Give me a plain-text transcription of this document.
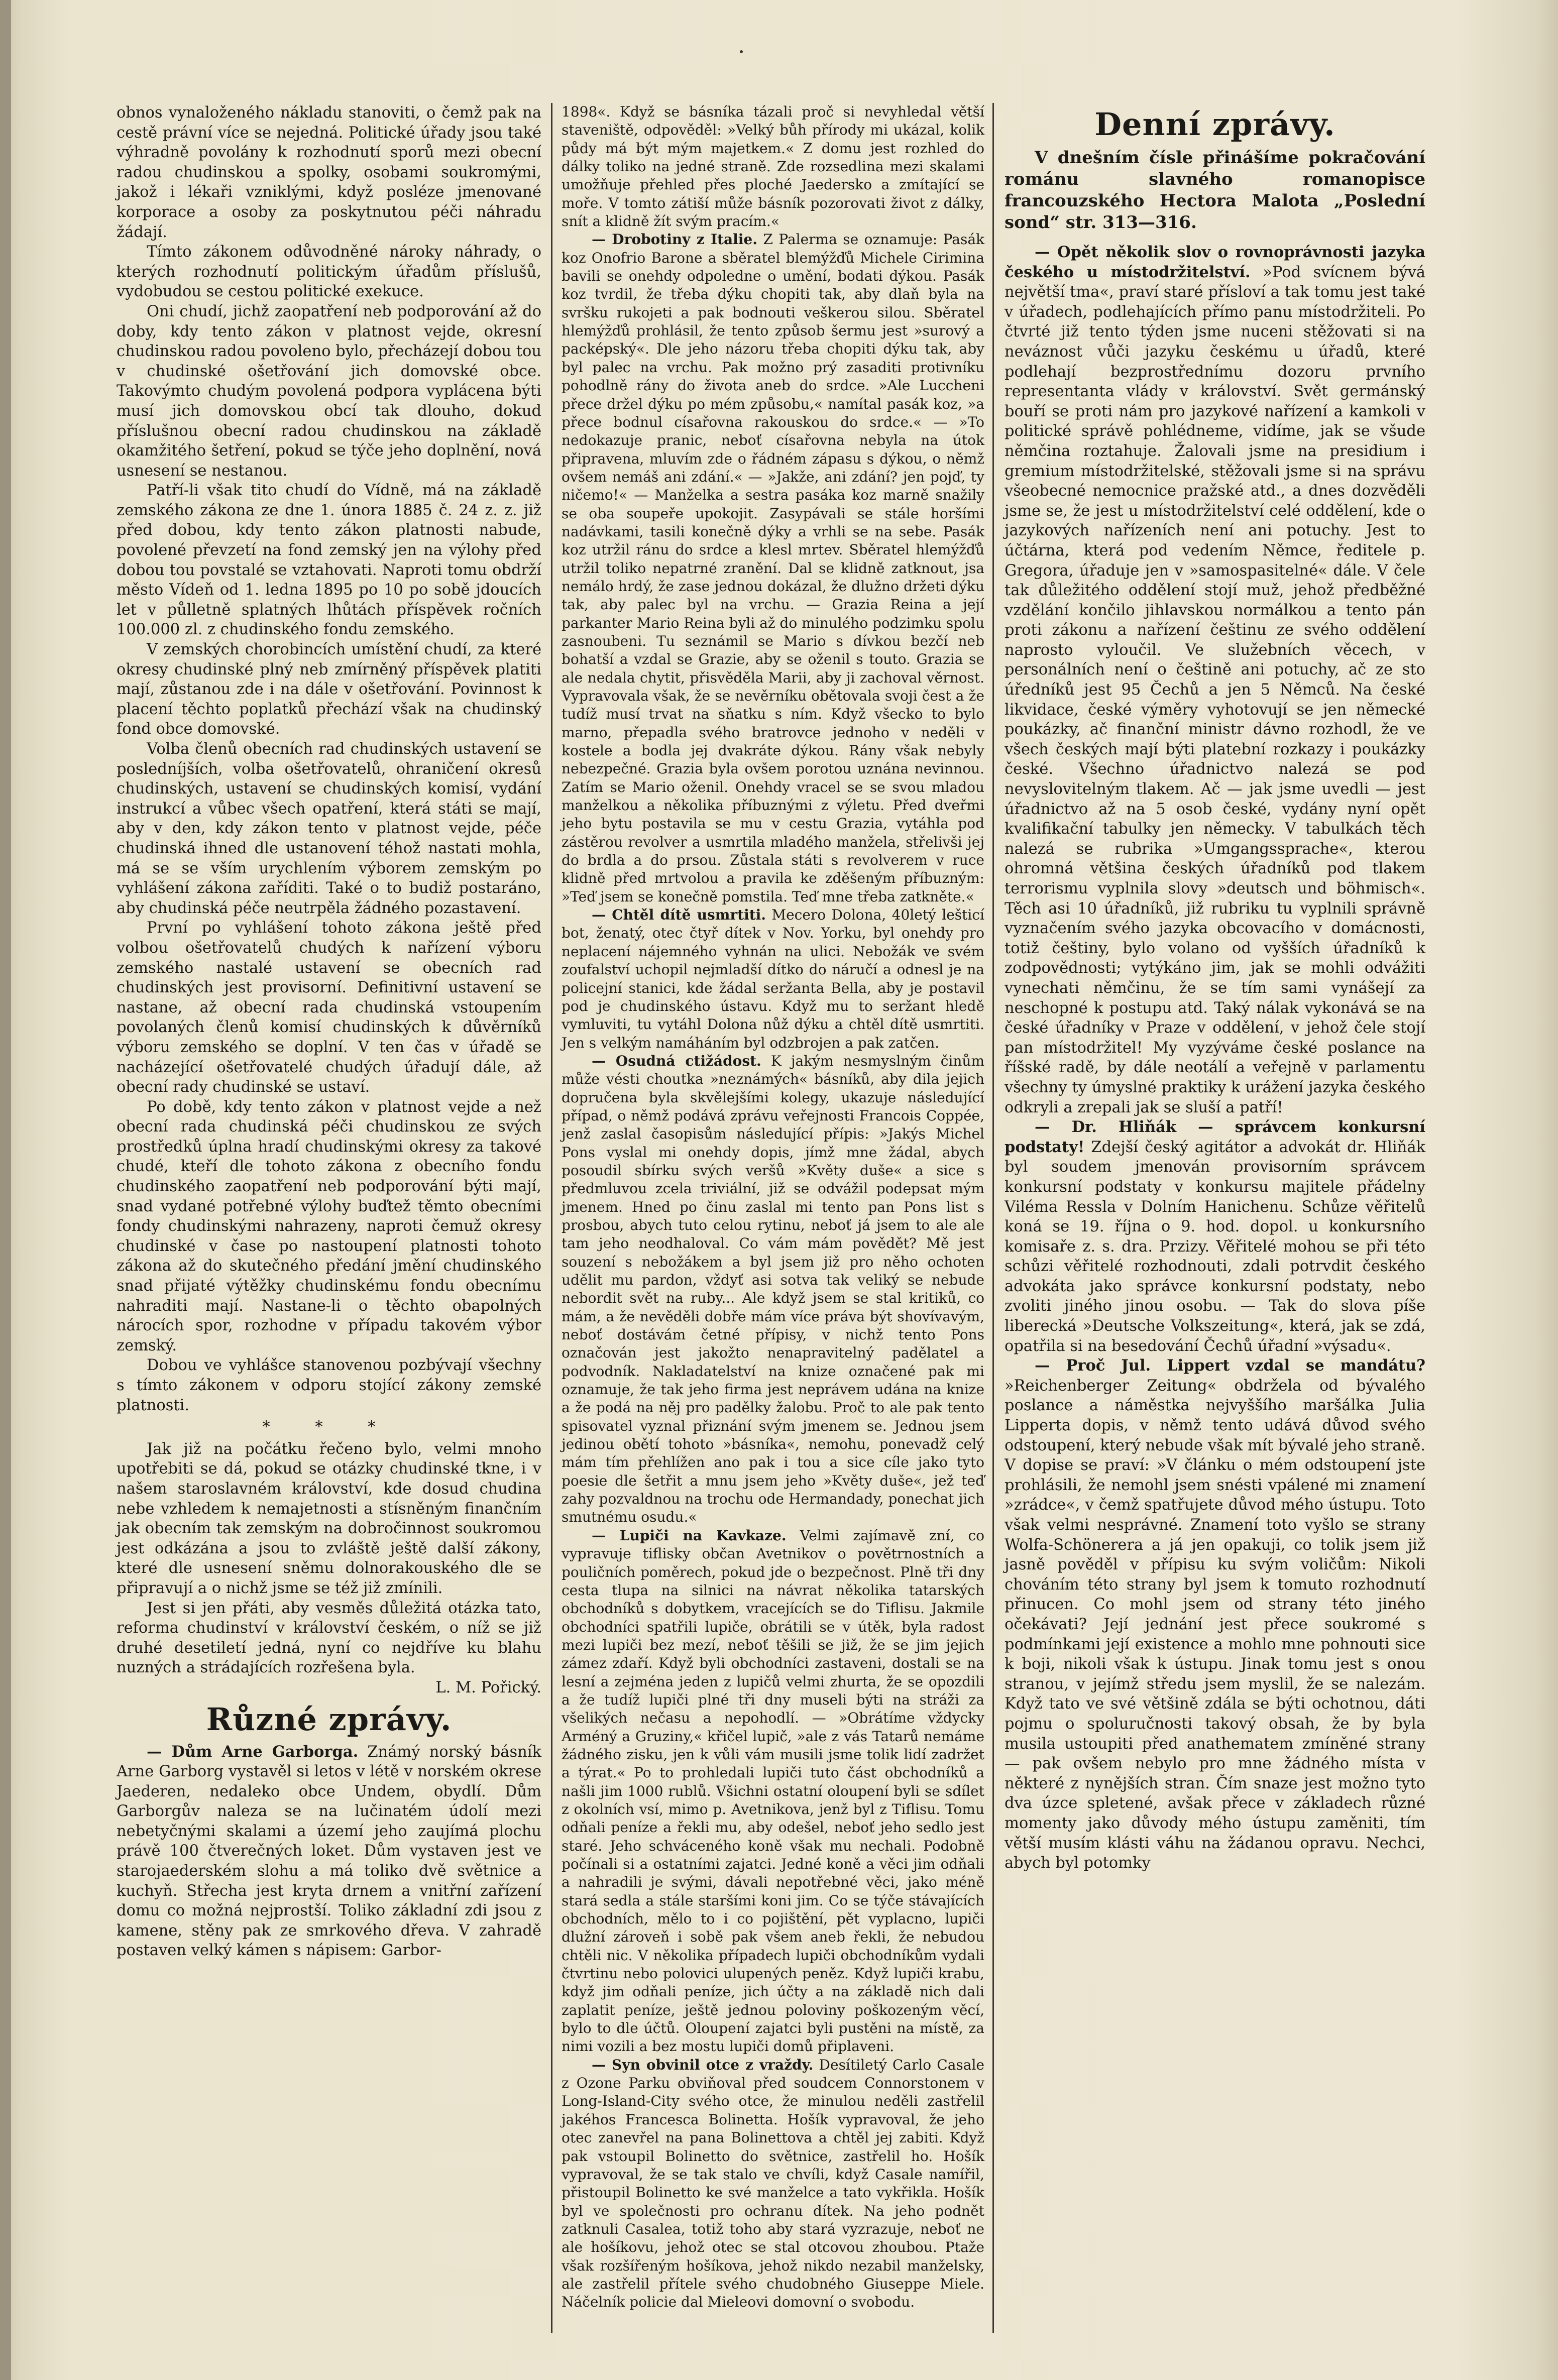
obnos vynaloženého nákladu stanoviti, o čemž pak na cestě právní více se nejedná. Politické úřady jsou také výhradně povolány k rozhodnutí sporů mezi obecní radou chudinskou a spolky, osobami soukromými, jakož i lékaři vzniklými, když posléze jmenované korporace a osoby za poskytnutou péči náhradu žádají.

Tímto zákonem odůvodněné nároky náhrady, o kterých rozhodnutí politickým úřadům příslušů, vydobudou se cestou politické exekuce.

Oni chudí, jichž zaopatření neb podporování až do doby, kdy tento zákon v platnost vejde, okresní chudinskou radou povoleno bylo, přecházejí dobou tou v chudinské ošetřování jich domovské obce. Takovýmto chudým povolená podpora vyplácena býti musí jich domovskou obcí tak dlouho, dokud příslušnou obecní radou chudinskou na základě okamžitého šetření, pokud se týče jeho doplnění, nová usnesení se nestanou.

Patří-li však tito chudí do Vídně, má na základě zemského zákona ze dne 1. února 1885 č. 24 z. z. již před dobou, kdy tento zákon platnosti nabude, povolené převzetí na fond zemský jen na výlohy před dobou tou povstalé se vztahovati. Naproti tomu obdrží město Vídeň od 1. ledna 1895 po 10 po sobě jdoucích let v půlletně splatných lhůtách příspěvek ročních 100.000 zl. z chudinského fondu zemského.

V zemských chorobincích umístění chudí, za které okresy chudinské plný neb zmírněný příspěvek platiti mají, zůstanou zde i na dále v ošetřování. Povinnost k placení těchto poplatků přechází však na chudinský fond obce domovské.

Volba členů obecních rad chudinských ustavení se posledníjších, volba ošetřovatelů, ohraničení okresů chudinských, ustavení se chudinských komisí, vydání instrukcí a vůbec všech opatření, která státi se mají, aby v den, kdy zákon tento v platnost vejde, péče chudinská ihned dle ustanovení téhož nastati mohla, má se se vším urychlením výborem zemským po vyhlášení zákona zaříditi. Také o to budiž postaráno, aby chudinská péče neutrpěla žádného pozastavení.

První po vyhlášení tohoto zákona ještě před volbou ošetřovatelů chudých k nařízení výboru zemského nastalé ustavení se obecních rad chudinských jest provisorní. Definitivní ustavení se nastane, až obecní rada chudinská vstoupením povolaných členů komisí chudinských k důvěrníků výboru zemského se doplní. V ten čas v úřadě se nacházející ošetřovatelé chudých úřadují dále, až obecní rady chudinské se ustaví.

Po době, kdy tento zákon v platnost vejde a než obecní rada chudinská péči chudinskou ze svých prostředků úplna hradí chudinskými okresy za takové chudé, kteří dle tohoto zákona z obecního fondu chudinského zaopatření neb podporování býti mají, snad vydané potřebné výlohy buďtež těmto obecními fondy chudinskými nahrazeny, naproti čemuž okresy chudinské v čase po nastoupení platnosti tohoto zákona až do skutečného předání jmění chudinského snad přijaté výtěžky chudinskému fondu obecnímu nahraditi mají. Nastane-li o těchto obapolných nárocích spor, rozhodne v případu takovém výbor zemský.

Dobou ve vyhlášce stanovenou pozbývají všechny s tímto zákonem v odporu stojící zákony zemské platnosti.

* * *

Jak již na počátku řečeno bylo, velmi mnoho upotřebiti se dá, pokud se otázky chudinské tkne, i v našem staroslavném království, kde dosud chudina nebe vzhledem k nemajetnosti a stísněným finančním jak obecním tak zemským na dobročinnost soukromou jest odkázána a jsou to zvláště ještě další zákony, které dle usnesení sněmu dolnorakouského dle se připravují a o nichž jsme se též již zmínili.

Jest si jen přáti, aby vesměs důležitá otázka tato, reforma chudinství v království českém, o níž se již druhé desetiletí jedná, nyní co nejdříve ku blahu nuzných a strádajících rozřešena byla.

L. M. Pořický.
Různé zprávy.

— Dům Arne Garborga. Známý norský básník Arne Garborg vystavěl si letos v létě v norském okrese Jaederen, nedaleko obce Undem, obydlí. Dům Garborgův naleza se na lučinatém údolí mezi nebetyčnými skalami a území jeho zaujímá plochu právě 100 čtverečných loket. Dům vystaven jest ve starojaederském slohu a má toliko dvě světnice a kuchyň. Střecha jest kryta drnem a vnitřní zařízení domu co možná nejprostší. Toliko základní zdi jsou z kamene, stěny pak ze smrkového dřeva. V zahradě postaven velký kámen s nápisem: Garbor-

1898«. Když se básníka tázali proč si nevyhledal větší staveniště, odpověděl: »Velký bůh přírody mi ukázal, kolik půdy má být mým majetkem.« Z domu jest rozhled do dálky toliko na jedné straně. Zde rozsedlina mezi skalami umožňuje přehled přes ploché Jaedersko a zmítající se moře. V tomto zátiší může básník pozorovati život z dálky, snít a klidně žít svým pracím.«

— Drobotiny z Italie. Z Palerma se oznamuje: Pasák koz Onofrio Barone a sběratel blemýžďů Michele Cirimina bavili se onehdy odpoledne o umění, bodati dýkou. Pasák koz tvrdil, že třeba dýku chopiti tak, aby dlaň byla na svršku rukojeti a pak bodnouti veškerou silou. Sběratel hlemýžďů prohlásil, že tento způsob šermu jest »surový a packépský«. Dle jeho názoru třeba chopiti dýku tak, aby byl palec na vrchu. Pak možno prý zasaditi protivníku pohodlně rány do života aneb do srdce. »Ale Luccheni přece držel dýku po mém způsobu,« namítal pasák koz, »a přece bodnul císařovna rakouskou do srdce.« — »To nedokazuje pranic, neboť císařovna nebyla na útok připravena, mluvím zde o řádném zápasu s dýkou, o němž ovšem nemáš ani zdání.« — »Jakže, ani zdání? jen pojď, ty ničemo!« — Manželka a sestra pasáka koz marně snažily se oba soupeře upokojit. Zasypávali se stále horšími nadávkami, tasili konečně dýky a vrhli se na sebe. Pasák koz utržil ránu do srdce a klesl mrtev. Sběratel hlemýžďů utržil toliko nepatrné zranění. Dal se klidně zatknout, jsa nemálo hrdý, že zase jednou dokázal, že dlužno držeti dýku tak, aby palec byl na vrchu. — Grazia Reina a její parkanter Mario Reina byli až do minulého podzimku spolu zasnoubeni. Tu seznámil se Mario s dívkou bezčí neb bohatší a vzdal se Grazie, aby se oženil s touto. Grazia se ale nedala chytit, přisvěděla Marii, aby ji zachoval věrnost. Vypravovala však, že se nevěrníku obětovala svoji čest a že tudíž musí trvat na sňatku s ním. Když všecko to bylo marno, přepadla svého bratrovce jednoho v neděli v kostele a bodla jej dvakráte dýkou. Rány však nebyly nebezpečné. Grazia byla ovšem porotou uznána nevinnou. Zatím se Mario oženil. Onehdy vracel se se svou mladou manželkou a několika příbuznými z výletu. Před dveřmi jeho bytu postavila se mu v cestu Grazia, vytáhla pod zástěrou revolver a usmrtila mladého manžela, střelivši jej do brdla a do prsou. Zůstala státi s revolverem v ruce klidně před mrtvolou a pravila ke zděšeným příbuzným: »Teď jsem se konečně pomstila. Teď mne třeba zatkněte.«

— Chtěl dítě usmrtiti. Mecero Dolona, 40letý lešticí bot, ženatý, otec čtyř dítek v Nov. Yorku, byl onehdy pro neplacení nájemného vyhnán na ulici. Nebožák ve svém zoufalství uchopil nejmladší dítko do náručí a odnesl je na policejní stanici, kde žádal seržanta Bella, aby je postavil pod je chudinského ústavu. Když mu to seržant hledě vymluviti, tu vytáhl Dolona nůž dýku a chtěl dítě usmrtiti. Jen s velkým namáháním byl odzbrojen a pak zatčen.

— Osudná ctižádost. K jakým nesmyslným činům může vésti choutka »neznámých« básníků, aby dila jejich dopručena byla skvělejšími kolegy, ukazuje následující případ, o němž podává zprávu veřejnosti Francois Coppée, jenž zaslal časopisům následující přípis: »Jakýs Michel Pons vyslal mi onehdy dopis, jímž mne žádal, abych posoudil sbírku svých veršů »Květy duše« a sice s předmluvou zcela triviální, již se odvážil podepsat mým jmenem. Hned po činu zaslal mi tento pan Pons list s prosbou, abych tuto celou rytinu, neboť já jsem to ale ale tam jeho neodhaloval. Co vám mám povědět? Mě jest souzení s nebožákem a byl jsem již pro něho ochoten udělit mu pardon, vždyť asi sotva tak veliký se nebude nebordit svět na ruby... Ale když jsem se stal kritiků, co mám, a že nevěděli dobře mám více práva být shovívavým, neboť dostávám četné přípisy, v nichž tento Pons označován jest jakožto nenapravitelný padělatel a podvodník. Nakladatelství na knize označené pak mi oznamuje, že tak jeho firma jest neprávem udána na knize a že podá na něj pro padělky žalobu. Proč to ale pak tento spisovatel vyznal přiznání svým jmenem se. Jednou jsem jedinou obětí tohoto »básníka«, nemohu, ponevadž celý mám tím přehlížen ano pak i tou a sice cíle jako tyto poesie dle šetřit a mnu jsem jeho »Květy duše«, jež teď zahy pozvaldnou na trochu ode Hermandady, ponechat jich smutnému osudu.«

— Lupiči na Kavkaze. Velmi zajímavě zní, co vypravuje tiflisky občan Avetnikov o povětrnostních a pouličních poměrech, pokud jde o bezpečnost. Plně tři dny cesta tlupa na silnici na návrat několika tatarských obchodníků s dobytkem, vracejících se do Tiflisu. Jakmile obchodníci spatřili lupiče, obrátili se v útěk, byla radost mezi lupiči bez mezí, neboť těšili se již, že se jim jejich zámez zdaří. Když byli obchodníci zastaveni, dostali se na lesní a zejména jeden z lupičů velmi zhurta, že se opozdili a že tudíž lupiči plné tři dny museli býti na stráži za všelikých nečasu a nepohodlí. — »Obrátíme vždycky Arméný a Gruziny,« křičel lupič, »ale z vás Tatarů nemáme žádného zisku, jen k vůli vám musili jsme tolik lidí zadržet a týrat.« Po to prohledali lupiči tuto část obchodníků a našli jim 1000 rublů. Všichni ostatní oloupení byli se sdílet z okolních vsí, mimo p. Avetnikova, jenž byl z Tiflisu. Tomu odňali peníze a řekli mu, aby odešel, neboť jeho sedlo jest staré. Jeho schváceného koně však mu nechali. Podobně počínali si a ostatními zajatci. Jedné koně a věci jim odňali a nahradili je svými, dávali nepotřebné věci, jako méně stará sedla a stále staršími koni jim. Co se týče stávajících obchodních, mělo to i co pojištění, pět vyplacno, lupiči dlužní zároveň i sobě pak všem aneb řekli, že nebudou chtěli nic. V několika případech lupiči obchodníkům vydali čtvrtinu nebo polovici ulupených peněz. Když lupiči krabu, když jim odňali peníze, jich účty a na základě nich dali zaplatit peníze, ještě jednou poloviny poškozeným věcí, bylo to dle účtů. Oloupení zajatci byli pustěni na místě, za nimi vozili a bez mostu lupiči domů připlaveni.

— Syn obvinil otce z vraždy. Desítiletý Carlo Casale z Ozone Parku obviňoval před soudcem Connorstonem v Long-Island-City svého otce, že minulou neděli zastřelil jakéhos Francesca Bolinetta. Hošík vypravoval, že jeho otec zanevřel na pana Bolinettova a chtěl jej zabiti. Když pak vstoupil Bolinetto do světnice, zastřelil ho. Hošík vypravoval, že se tak stalo ve chvíli, když Casale namířil, přistoupil Bolinetto ke své manželce a tato vykřikla. Hošík byl ve společnosti pro ochranu dítek. Na jeho podnět zatknuli Casalea, totiž toho aby stará vyzrazuje, neboť ne ale hošíkovu, jehož otec se stal otcovou zhoubou. Ptaže však rozšířeným hošíkova, jehož nikdo nezabil manželsky, ale zastřelil přítele svého chudobného Giuseppe Miele. Náčelník policie dal Mieleovi domovní o svobodu.

Denní zprávy.

V dnešním čísle přinášíme pokračování románu slavného romanopisce francouzského Hectora Malota „Poslední sond“ str. 313—316.

— Opět několik slov o rovnoprávnosti jazyka českého u místodržitelství. »Pod svícnem bývá největší tma«, praví staré přísloví a tak tomu jest také v úřadech, podlehajících přímo panu místodržiteli. Po čtvrté již tento týden jsme nuceni stěžovati si na neváznost vůči jazyku českému u úřadů, které podlehají bezprostřednímu dozoru prvního representanta vlády v království. Svět germánský bouří se proti nám pro jazykové nařízení a kamkoli v politické správě pohlédneme, vidíme, jak se všude němčina roztahuje. Žalovali jsme na presidium i gremium místodržitelské, stěžovali jsme si na správu všeobecné nemocnice pražské atd., a dnes dozvěděli jsme se, že jest u místodržitelství celé oddělení, kde o jazykových nařízeních není ani potuchy. Jest to účtárna, která pod vedením Němce, ředitele p. Gregora, úřaduje jen v »samospasitelné« dále. V čele tak důležitého oddělení stojí muž, jehož předběžné vzdělání končilo jihlavskou normálkou a tento pán proti zákonu a nařízení češtinu ze svého oddělení naprosto vyloučil. Ve služebních věcech, v personálních není o češtině ani potuchy, ač ze sto úředníků jest 95 Čechů a jen 5 Němců. Na české likvidace, české výměry vyhotovují se jen německé poukázky, ač finanční ministr dávno rozhodl, že ve všech českých mají býti platební rozkazy i poukázky české. Všechno úřadnictvo nalezá se pod nevyslovitelným tlakem. Ač — jak jsme uvedli — jest úřadnictvo až na 5 osob české, vydány nyní opět kvalifikační tabulky jen německy. V tabulkách těch nalezá se rubrika »Umgangssprache«, kterou ohromná většina českých úřadníků pod tlakem terrorismu vyplnila slovy »deutsch und böhmisch«. Těch asi 10 úřadníků, již rubriku tu vyplnili správně vyznačením svého jazyka obcovacího v domácnosti, totiž češtiny, bylo volano od vyšších úřadníků k zodpovědnosti; vytýkáno jim, jak se mohli odvážiti vynechati němčinu, že se tím sami vynášejí za neschopné k postupu atd. Taký nálak vykonává se na české úřadníky v Praze v oddělení, v jehož čele stojí pan místodržitel! My vyzýváme české poslance na říšské radě, by dále neotálí a veřejně v parlamentu všechny ty úmyslné praktiky k urážení jazyka českého odkryli a zrepali jak se sluší a patří!

— Dr. Hliňák — správcem konkursní podstaty! Zdejší český agitátor a advokát dr. Hliňák byl soudem jmenován provisorním správcem konkursní podstaty v konkursu majitele přádelny Viléma Ressla v Dolním Hanichenu. Schůze věřitelů koná se 19. října o 9. hod. dopol. u konkursního komisaře z. s. dra. Przizy. Věřitelé mohou se při této schůzi věřitelé rozhodnouti, zdali potrvdit českého advokáta jako správce konkursní podstaty, nebo zvoliti jiného jinou osobu. — Tak do slova píše liberecká »Deutsche Volkszeitung«, která, jak se zdá, opatřila si na besedování Čechů úřadní »výsadu«.

— Proč Jul. Lippert vzdal se mandátu? »Reichenberger Zeitung« obdržela od bývalého poslance a náměstka nejvyššího maršálka Julia Lipperta dopis, v němž tento udává důvod svého odstoupení, který nebude však mít bývalé jeho straně. V dopise se praví: »V článku o mém odstoupení jste prohlásili, že nemohl jsem snésti vpálené mi znamení »zrádce«, v čemž spatřujete důvod mého ústupu. Toto však velmi nesprávné. Znamení toto vyšlo se strany Wolfa-Schönerera a já jen opakuji, co tolik jsem již jasně pověděl v přípisu ku svým voličům: Nikoli chováním této strany byl jsem k tomuto rozhodnutí přinucen. Co mohl jsem od strany této jiného očekávati? Její jednání jest přece soukromé s podmínkami její existence a mohlo mne pohnouti sice k boji, nikoli však k ústupu. Jinak tomu jest s onou stranou, v jejímž středu jsem myslil, že se nalezám. Když tato ve své většině zdála se býti ochotnou, dáti pojmu o spoluručnosti takový obsah, že by byla musila ustoupiti před anathematem zmíněné strany — pak ovšem nebylo pro mne žádného místa v některé z nynějších stran. Čím snaze jest možno tyto dva úzce spletené, avšak přece v základech různé momenty jako důvody mého ústupu zaměniti, tím větší musím klásti váhu na žádanou opravu. Nechci, abych byl potomky
